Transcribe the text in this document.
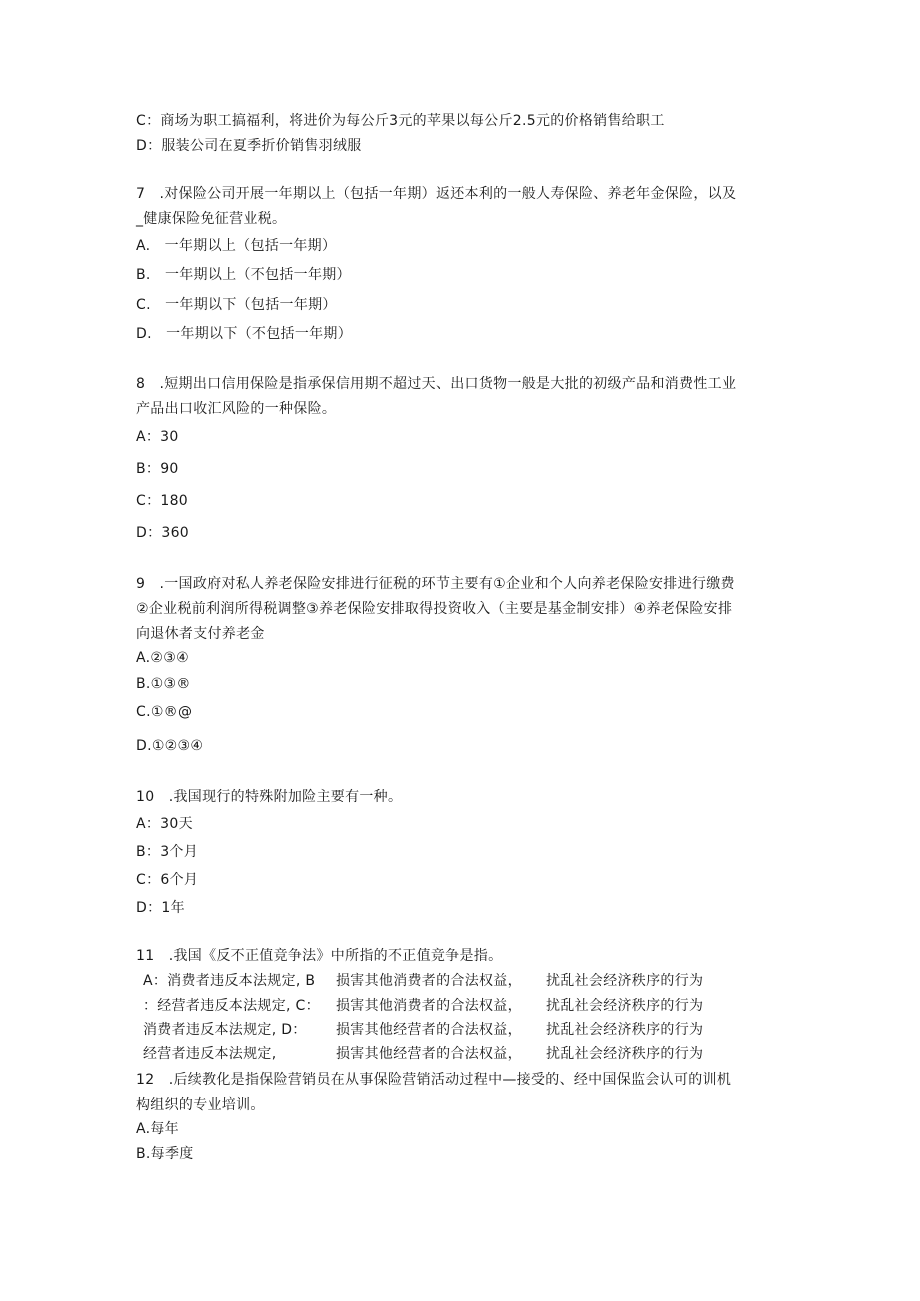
C：商场为职工搞福利，将进价为每公斤3元的苹果以每公斤2.5元的价格销售给职工
D：服装公司在夏季折价销售羽绒服
7　.对保险公司开展一年期以上（包括一年期）返还本利的一般人寿保险、养老年金保险，以及
_健康保险免征营业税。
A.　一年期以上（包括一年期）
B.　一年期以上（不包括一年期）
C.　一年期以下（包括一年期）
D.　一年期以下（不包括一年期）
8　.短期出口信用保险是指承保信用期不超过天、出口货物一般是大批的初级产品和消费性工业
产品出口收汇风险的一种保险。
A：30
B：90
C：180
D：360
9　.一国政府对私人养老保险安排进行征税的环节主要有①企业和个人向养老保险安排进行缴费
②企业税前利润所得税调整③养老保险安排取得投资收入（主要是基金制安排）④养老保险安排
向退休者支付养老金
A.②③④
B.①③®
C.①®@
D.①②③④
10　.我国现行的特殊附加险主要有一种。
A：30天
B：3个月
C：6个月
D：1年
11　.我国《反不正值竞争法》中所指的不正值竞争是指。
A：消费者违反本法规定, B 损害其他消费者的合法权益， 扰乱社会经济秩序的行为
：经营者违反本法规定, C： 损害其他消费者的合法权益， 扰乱社会经济秩序的行为
消费者违反本法规定, D： 损害其他经营者的合法权益， 扰乱社会经济秩序的行为
经营者违反本法规定,	损害其他经营者的合法权益， 扰乱社会经济秩序的行为
12　.后续教化是指保险营销员在从事保险营销活动过程中—接受的、经中国保监会认可的训机
构组织的专业培训。
A.每年
B.每季度
